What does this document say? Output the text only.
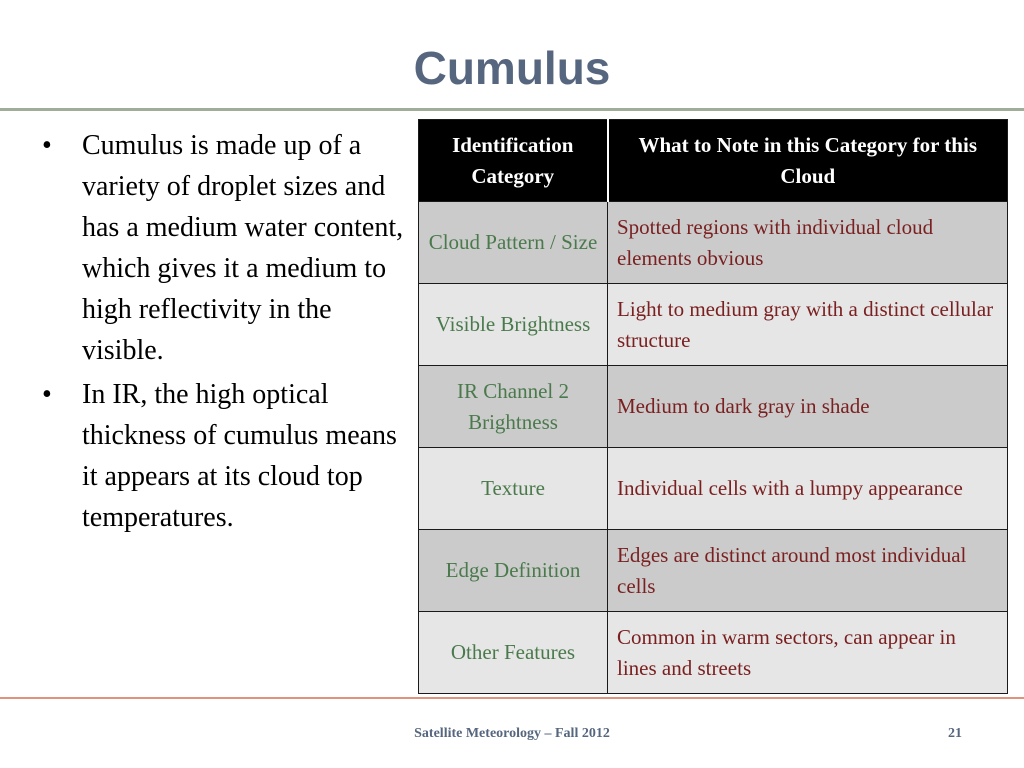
Cumulus
• Cumulus is made up of a variety of droplet sizes and has a medium water content, which gives it a medium to high reflectivity in the visible.
• In IR, the high optical thickness of cumulus means it appears at its cloud top temperatures.
Identification Category	What to Note in this Category for this Cloud
Cloud Pattern / Size	Spotted regions with individual cloud elements obvious
Visible Brightness	Light to medium gray with a distinct cellular structure
IR Channel 2 Brightness	Medium to dark gray in shade
Texture	Individual cells with a lumpy appearance
Edge Definition	Edges are distinct around most individual cells
Other Features	Common in warm sectors, can appear in lines and streets
Satellite Meteorology – Fall 2012	21
